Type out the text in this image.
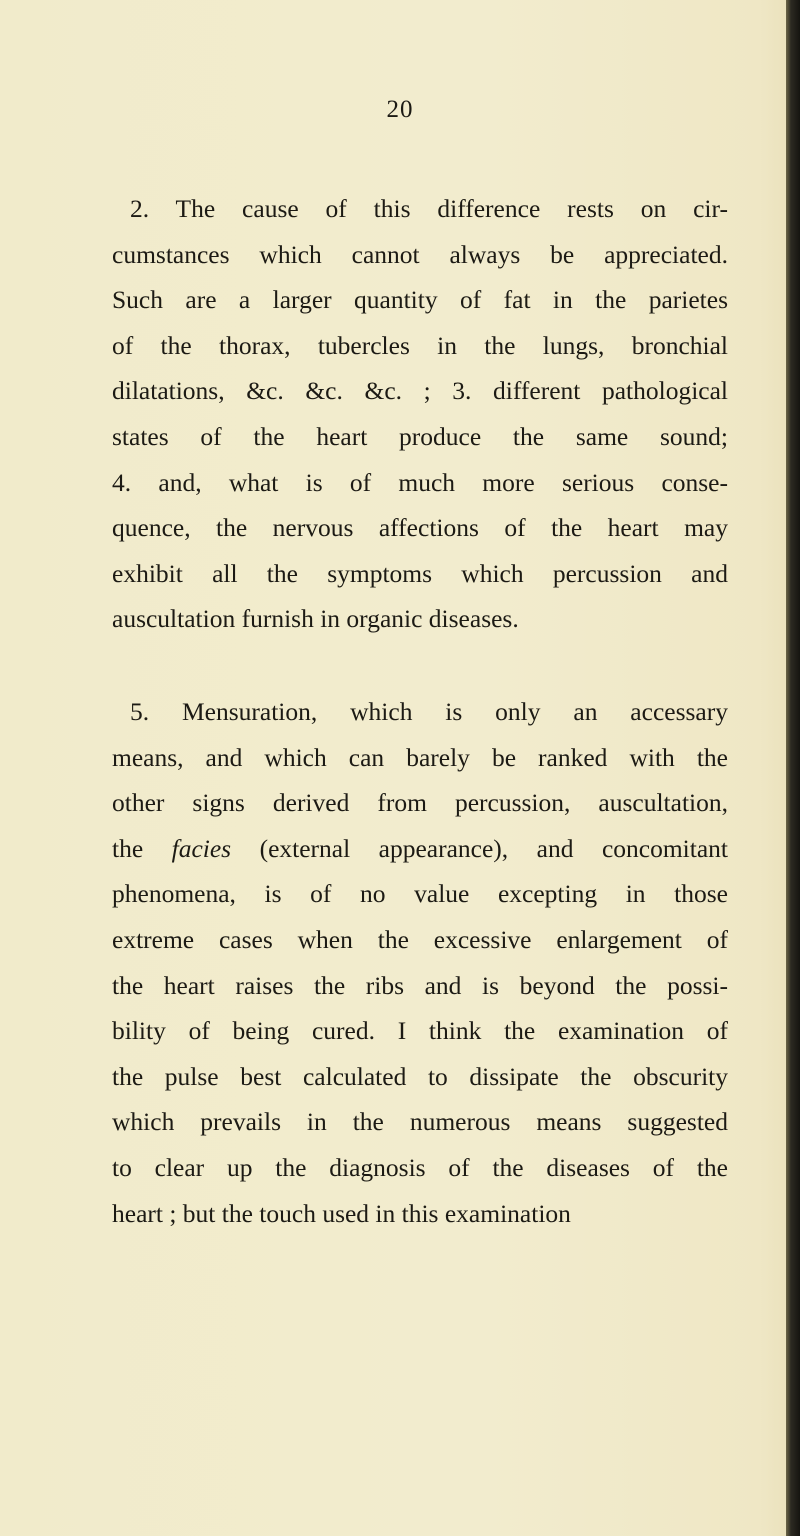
20

2. The cause of this difference rests on cir-
cumstances which cannot always be appreciated.
Such are a larger quantity of fat in the parietes
of the thorax, tubercles in the lungs, bronchial
dilatations, &c. &c. &c. ; 3. different pathological
states of the heart produce the same sound;
4. and, what is of much more serious conse-
quence, the nervous affections of the heart may
exhibit all the symptoms which percussion and
auscultation furnish in organic diseases.

5. Mensuration, which is only an accessary
means, and which can barely be ranked with the
other signs derived from percussion, auscultation,
the facies (external appearance), and concomitant
phenomena, is of no value excepting in those
extreme cases when the excessive enlargement of
the heart raises the ribs and is beyond the possi-
bility of being cured. I think the examination of
the pulse best calculated to dissipate the obscurity
which prevails in the numerous means suggested
to clear up the diagnosis of the diseases of the
heart ; but the touch used in this examination
